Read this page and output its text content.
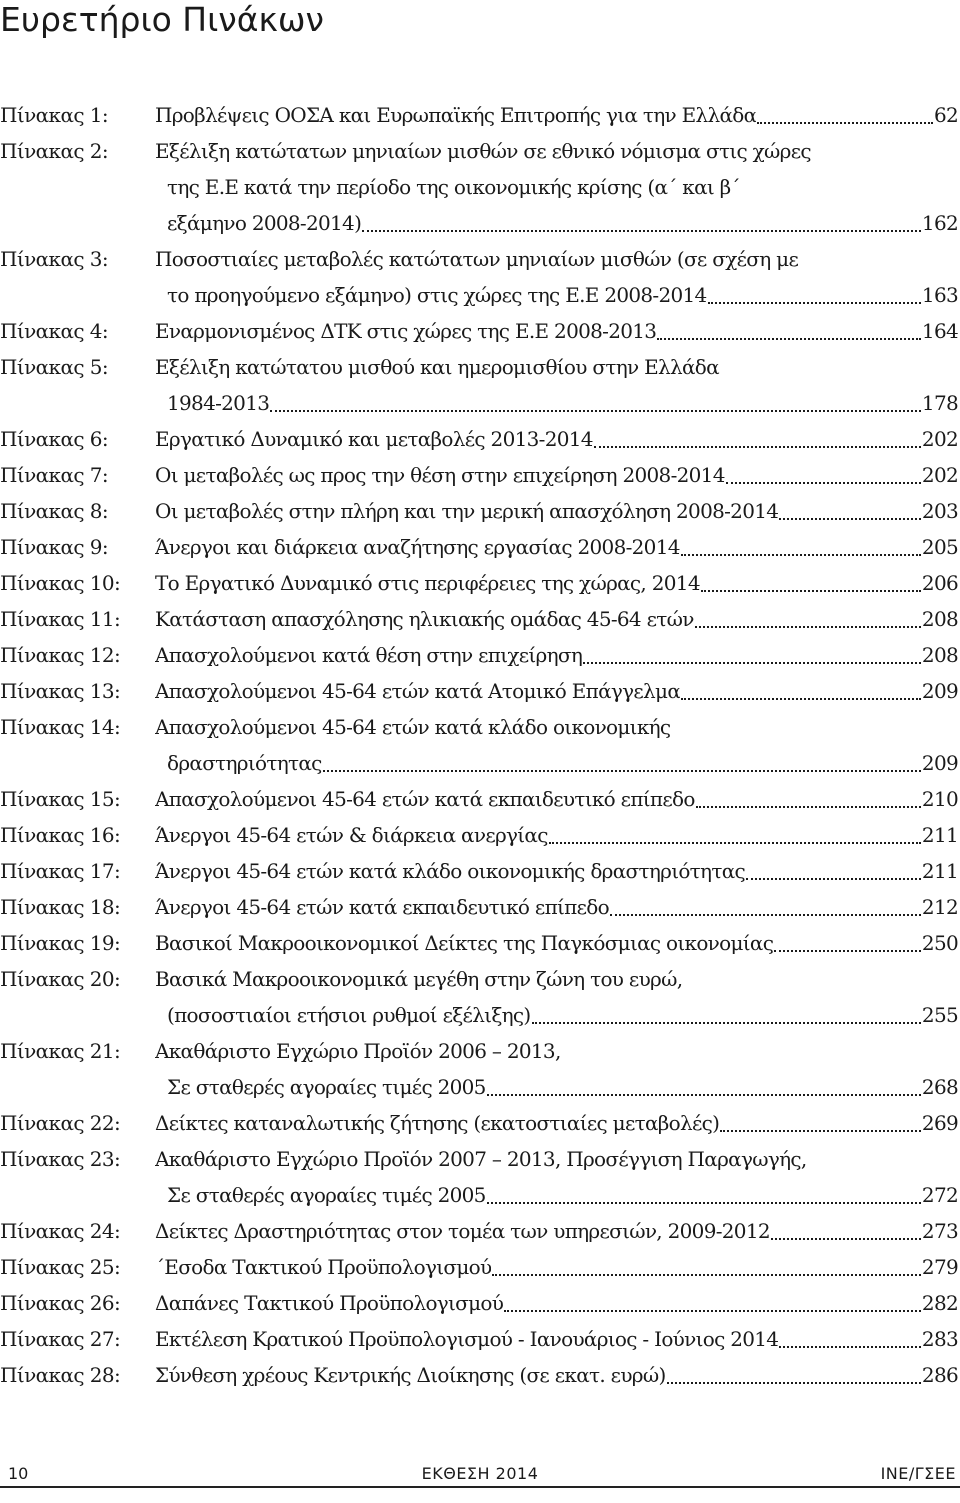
Ευρετήριο Πινάκων
Πίνακας 1:	Προβλέψεις ΟΟΣΑ και Ευρωπαϊκής Επιτροπής για την Ελλάδα	62
Πίνακας 2:	Εξέλιξη κατώτατων μηνιαίων μισθών σε εθνικό νόμισμα στις χώρες
της Ε.Ε κατά την περίοδο της οικονομικής κρίσης (α΄ και β΄
εξάμηνο 2008-2014)	162
Πίνακας 3:	Ποσοστιαίες μεταβολές κατώτατων μηνιαίων μισθών (σε σχέση με
το προηγούμενο εξάμηνο) στις χώρες της Ε.Ε 2008-2014	163
Πίνακας 4:	Εναρμονισμένος ΔΤΚ στις χώρες της Ε.Ε 2008-2013	164
Πίνακας 5:	Εξέλιξη κατώτατου μισθού και ημερομισθίου στην Ελλάδα
1984-2013	178
Πίνακας 6:	Εργατικό Δυναμικό και μεταβολές 2013-2014	202
Πίνακας 7:	Οι μεταβολές ως προς την θέση στην επιχείρηση 2008-2014	202
Πίνακας 8:	Οι μεταβολές στην πλήρη και την μερική απασχόληση 2008-2014	203
Πίνακας 9:	Άνεργοι και διάρκεια αναζήτησης εργασίας 2008-2014	205
Πίνακας 10:	Το Εργατικό Δυναμικό στις περιφέρειες της χώρας, 2014	206
Πίνακας 11:	Κατάσταση απασχόλησης ηλικιακής ομάδας 45-64 ετών	208
Πίνακας 12:	Απασχολούμενοι κατά θέση στην επιχείρηση	208
Πίνακας 13:	Απασχολούμενοι 45-64 ετών κατά Ατομικό Επάγγελμα	209
Πίνακας 14:	Απασχολούμενοι 45-64 ετών κατά κλάδο οικονομικής
δραστηριότητας	209
Πίνακας 15:	Απασχολούμενοι 45-64 ετών κατά εκπαιδευτικό επίπεδο	210
Πίνακας 16:	Άνεργοι 45-64 ετών & διάρκεια ανεργίας	211
Πίνακας 17:	Άνεργοι 45-64 ετών κατά κλάδο οικονομικής δραστηριότητας	211
Πίνακας 18:	Άνεργοι 45-64 ετών κατά εκπαιδευτικό επίπεδο	212
Πίνακας 19:	Βασικοί Μακροοικονομικοί Δείκτες της Παγκόσμιας οικονομίας	250
Πίνακας 20:	Βασικά Μακροοικονομικά μεγέθη στην ζώνη του ευρώ,
(ποσοστιαίοι ετήσιοι ρυθμοί εξέλιξης)	255
Πίνακας 21:	Ακαθάριστο Εγχώριο Προϊόν 2006 – 2013,
Σε σταθερές αγοραίες τιμές 2005	268
Πίνακας 22:	Δείκτες καταναλωτικής ζήτησης (εκατοστιαίες μεταβολές)	269
Πίνακας 23:	Ακαθάριστο Εγχώριο Προϊόν 2007 – 2013, Προσέγγιση Παραγωγής,
Σε σταθερές αγοραίες τιμές 2005	272
Πίνακας 24:	Δείκτες Δραστηριότητας στον τομέα των υπηρεσιών, 2009-2012	273
Πίνακας 25:	΄Εσοδα Τακτικού Προϋπολογισμού	279
Πίνακας 26:	Δαπάνες Τακτικού Προϋπολογισμού	282
Πίνακας 27:	Εκτέλεση Κρατικού Προϋπολογισμού - Ιανουάριος - Ιούνιος 2014	283
Πίνακας 28:	Σύνθεση χρέους Κεντρικής Διοίκησης (σε εκατ. ευρώ)	286
10	ΕΚΘΕΣΗ 2014	ΙΝΕ/ΓΣΕΕ
